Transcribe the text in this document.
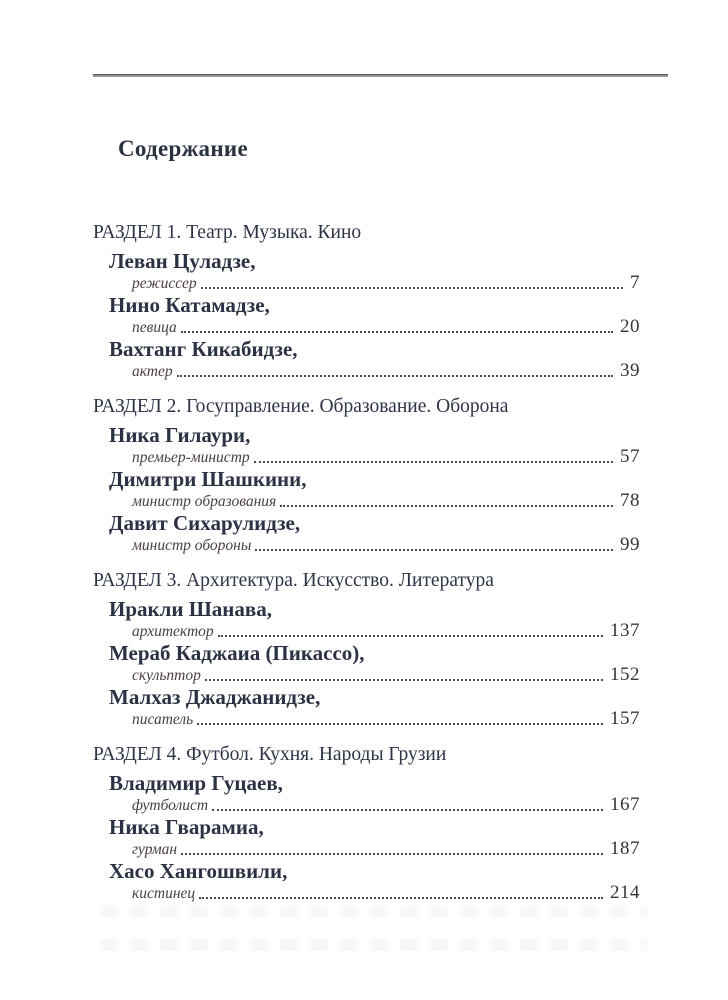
Содержание
РАЗДЕЛ 1. Театр. Музыка. Кино
Леван Цуладзе,
режиссер	7
Нино Катамадзе,
певица	20
Вахтанг Кикабидзе,
актер	39
РАЗДЕЛ 2. Госуправление. Образование. Оборона
Ника Гилаури,
премьер-министр	57
Димитри Шашкини,
министр образования	78
Давит Сихарулидзе,
министр обороны	99
РАЗДЕЛ 3. Архитектура. Искусство. Литература
Иракли Шанава,
архитектор	137
Мераб Каджаиа (Пикассо),
скульптор	152
Малхаз Джаджанидзе,
писатель	157
РАЗДЕЛ 4. Футбол. Кухня. Народы Грузии
Владимир Гуцаев,
футболист	167
Ника Гварамиа,
гурман	187
Хасо Хангошвили,
кистинец	214
